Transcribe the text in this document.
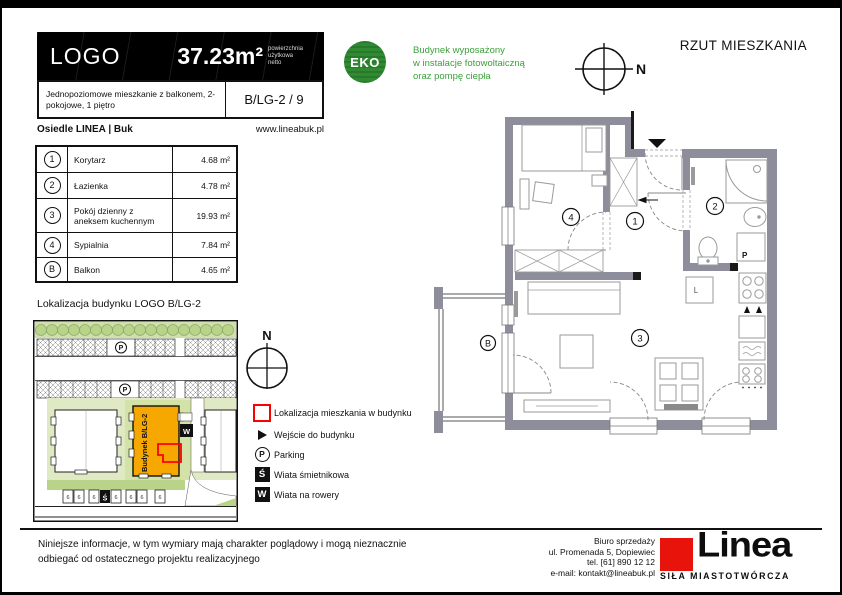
LOGO 37.23m² powierzchnia
użytkowa
netto
Jednopoziomowe mieszkanie z balkonem, 2-pokojowe, 1 piętro	B/LG-2 / 9
Osiedle LINEA | Buk	www.lineabuk.pl
EKO
Budynek wyposażony
w instalacje fotowoltaiczną
oraz pompę ciepła	N
RZUT MIESZKANIA
1	Korytarz	4.68 m²
2	Łazienka	4.78 m²
3	Pokój dzienny z aneksem kuchennym	19.93 m²
4	Sypialnia	7.84 m²
B	Balkon	4.65 m²
P
L
4	1
2
3
B
Lokalizacja budynku LOGO B/LG-2
P
P
Budynek B/LG-2	W
6 6 6	6 6 6	6
Ś
N
Lokalizacja mieszkania w budynku
Wejście do budynku
P	Parking
Ś Wiata śmietnikowa
W Wiata na rowery
Niniejsze informacje, w tym wymiary mają charakter poglądowy i mogą nieznacznie
odbiegać od ostatecznego projektu realizacyjnego
Biuro sprzedaży
ul. Promenada 5, Dopiewiec
tel. [61] 890 12 12
e-mail: kontakt@lineabuk.pl
Linea
SIŁA MIASTOTWÓRCZA
